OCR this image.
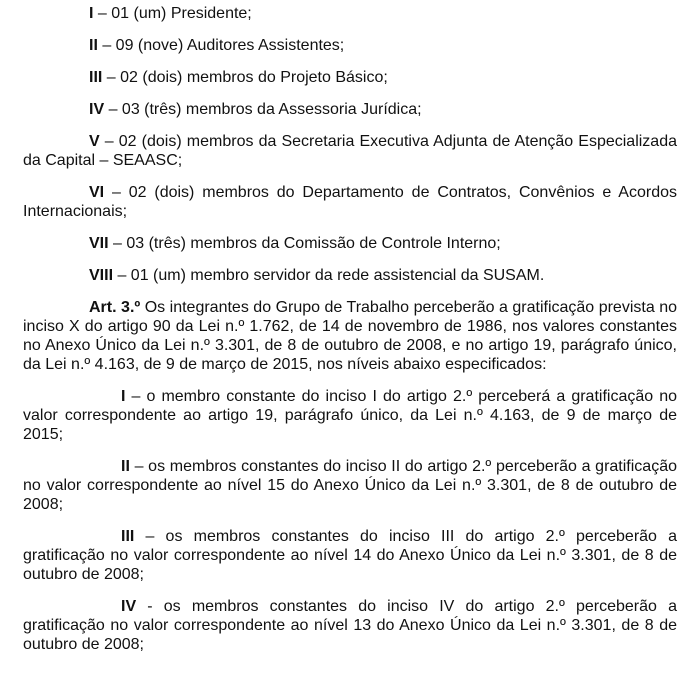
I – 01 (um) Presidente;

II – 09 (nove) Auditores Assistentes;

III – 02 (dois) membros do Projeto Básico;

IV – 03 (três) membros da Assessoria Jurídica;

V – 02 (dois) membros da Secretaria Executiva Adjunta de Atenção Especializada da Capital – SEAASC;

VI – 02 (dois) membros do Departamento de Contratos, Convênios e Acordos Internacionais;

VII – 03 (três) membros da Comissão de Controle Interno;

VIII – 01 (um) membro servidor da rede assistencial da SUSAM.

Art. 3.º Os integrantes do Grupo de Trabalho perceberão a gratificação prevista no inciso X do artigo 90 da Lei n.º 1.762, de 14 de novembro de 1986, nos valores constantes no Anexo Único da Lei n.º 3.301, de 8 de outubro de 2008, e no artigo 19, parágrafo único, da Lei n.º 4.163, de 9 de março de 2015, nos níveis abaixo especificados:

I – o membro constante do inciso I do artigo 2.º perceberá a gratificação no valor correspondente ao artigo 19, parágrafo único, da Lei n.º 4.163, de 9 de março de 2015;

II – os membros constantes do inciso II do artigo 2.º perceberão a gratificação no valor correspondente ao nível 15 do Anexo Único da Lei n.º 3.301, de 8 de outubro de 2008;

III – os membros constantes do inciso III do artigo 2.º perceberão a gratificação no valor correspondente ao nível 14 do Anexo Único da Lei n.º 3.301, de 8 de outubro de 2008;

IV - os membros constantes do inciso IV do artigo 2.º perceberão a gratificação no valor correspondente ao nível 13 do Anexo Único da Lei n.º 3.301, de 8 de outubro de 2008;
